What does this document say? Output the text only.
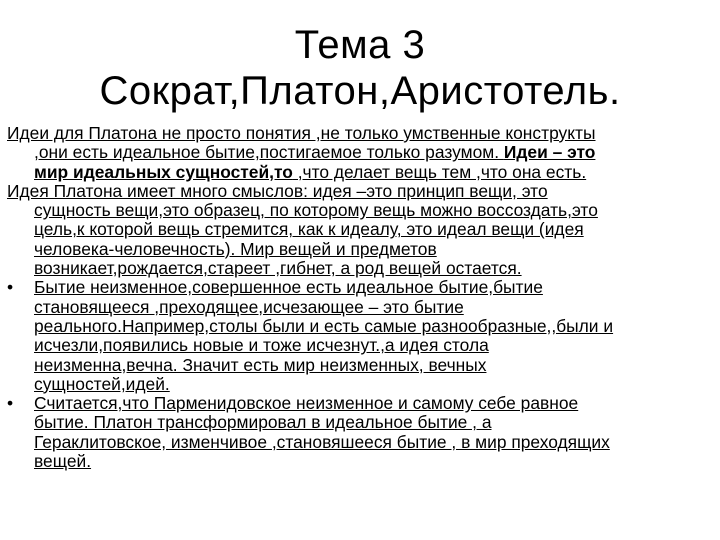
Тема 3
Сократ,Платон,Аристотель.
Идеи для Платона не просто понятия ,не только умственные конструкты
,они есть идеальное бытие,постигаемое только разумом. Идеи – это
мир идеальных сущностей,то ,что делает вещь тем ,что она есть.
Идея Платона имеет много смыслов: идея –это принцип вещи, это
сущность вещи,это образец, по которому вещь можно воссоздать,это
цель,к которой вещь стремится, как к идеалу, это идеал вещи (идея
человека-человечность). Мир вещей и предметов
возникает,рождается,стареет ,гибнет, а род вещей остается.
•	Бытие неизменное,совершенное есть идеальное бытие,бытие
становящееся ,преходящее,исчезающее – это бытие
реального.Например,столы были и есть самые разнообразные,,были и
исчезли,появились новые и тоже исчезнут.,а идея стола
неизменна,вечна. Значит есть мир неизменных, вечных
сущностей,идей.
•	Считается,что Парменидовское неизменное и самому себе равное
бытие. Платон трансформировал в идеальное бытие , а
Гераклитовское, изменчивое ,становяшееся бытие , в мир преходящих
вещей.
